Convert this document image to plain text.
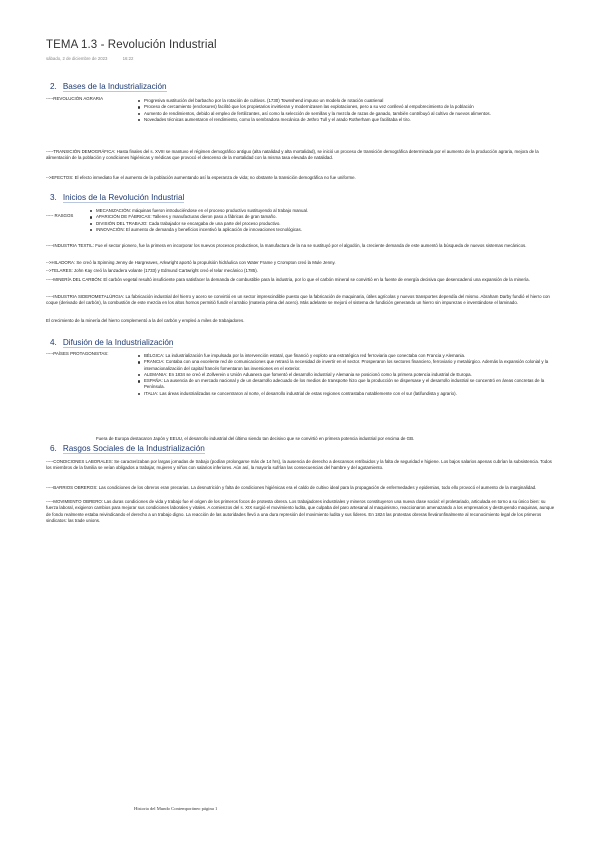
TEMA 1.3 - Revolución Industrial
sábado, 2 de diciembre de 2023	16:22
2. Bases de la Industrialización
-----REVOLUCIÓN AGRARIA	Progresiva sustitución del barbacho por la rotación de cultivos. (1730) Townshend impuso un modelo de rotación cuatrienal
Proceso de cercamiento (enclosures) facilitó que los propietarios invirtieran y modernizasen las explotaciones, pero a su vez conllevó al empobrecimiento de la población
Aumento de rendimientos, debido al empleo de fertilizantes, así como la selección de semillas y la mezcla de razas de ganado, también contribuyó al cultivo de nuevos alimentos.
Novedades técnicas aumentaron el rendimiento, como la sembradora mecánica de Jethro Tull y el arado Rotherham que facilitaba el tiro.
-----TRANSICIÓN DEMOGRÁFICA: Hasta finales del s. XVIII se mantuvo el régimen demográfico antiguo (alta natalidad y alta mortalidad), se inició un proceso de transición demográfica determinada por el aumento de la producción agraria, mejora de la alimentación de la población y condiciones higiénicas y médicas que provocó el descenso de la mortalidad con la misma tasa elevada de natalidad.
-->EFECTOS: El efecto inmediato fue el aumento de la población aumentando así la esperanza de vida; no obstante la transición demográfica no fue uniforme.
3. Inicios de la Revolución Industrial
----- RASGOS
MECANIZACIÓN: máquinas fueron introduciéndose en el proceso productivo sustituyendo al trabajo manual.
APARICIÓN DE FÁBRICAS: Talleres y manufacturas dieron paso a fábricas de gran tamaño.
DIVISIÓN DEL TRABAJO: Cada trabajador se encargaba de una parte del proceso productivo.
INNOVACIÓN: El aumento de demanda y beneficios incentivó la aplicación de innovaciones tecnológicas.
-----INDUSTRIA TEXTIL: Fue el sector pionero, fue la primera en incorporar los nuevos procesos productivos, la manufactura de la na se sustituyó por el algodón, la creciente demanda de este aumentó la búsqueda de nuevos sistemas mecánicos.
-->HILADORA: Se creó la Spinning Jenny de Hargreaves, Arkwright aportó la propulsión hidráulica con Water Frame y Crompton creó la Mule Jenny.
-->TELARES: John Kay creó la lanzadera volante (1733) y Edmund Cartwright creó el telar mecánico (1785).
-----MINERÍA DEL CARBÓN: El carbón vegetal resultó insuficiente para satisfacer la demanda de combustible para la industria, por lo que el carbón mineral se convirtió en la fuente de energía decisiva que desencadenó una expansión de la minería.
-----INDUSTRIA SIDEROMETALÚRGIA: La fabricación industrial del hierro y acero se convirtió en un sector imprescindible puesto que la fabricación de maquinaria, útiles agrícolas y nuevos transportes dependía del mismo. Abraham Darby fundió el hierro con coque (derivado del carbón), la combustión de este mezcla en los altos hornos permitió fundir el arrabio (materia prima del acero). Más adelante se mejoró el sistema de fundición generando un hierro sin impurezas e inventándose el laminado.
El crecimiento de la minería del hierro complementó a la del carbón y empleó a miles de trabajadores.
4. Difusión de la Industrialización
-----PAÍSES PROTAGONISTAS:	BÉLGICA: La industrialización fue impulsada por la intervención estatal, que financió y exploto una estratégica red ferroviaria que conectaba con Francia y Alemania.
FRANCIA: Contaba con una excelente red de comunicaciones que retrasó la necesidad de invertir en el sector. Prosperaron los sectores financiero, ferroviario y metalúrgico. Además la expansión colonial y la internacionalización del capital francés fomentaron las inversiones en el exterior.
ALEMANIA: En 1834 se creó el Zollverein o Unión Aduanera que fomentó el desarrollo industrial y Alemania se posicionó como la primera potencia industrial de Europa.
ESPAÑA: La ausencia de un mercado nacional y de un desarrollo adecuado de los medios de transporte hizo que la producción se dispersase y el desarrollo industrial se concentró en áreas concretas de la Península.
ITALIA: Las áreas industrializadas se concentraron al norte, el desarrollo industrial de estas regiones contrastaba notablemente con el sur (latifundista y agrario).
Fuera de Europa destacaron Japón y EEUU, el desarrollo industrial del último siendo tan decisivo que se convirtió en primera potencia industrial por encima de GB.
6. Rasgos Sociales de la Industrialización
-----CONDICIONES LABORALES: Se caracterizaban por largas jornadas de trabajo (podían prolongarse más de 14 hrs), la ausencia de derecho a descansos retribuidos y la falta de seguridad e higiene. Los bajos salarios apenas cubrían la subsistencia. Todos los miembros de la familia se veían obligados a trabajar, mujeres y niños con salarios inferiores. Aún así, la mayoría sufrían las consecuencias del hambre y del agotamiento.
-----BARRIOS OBREROS: Las condiciones de los obreros eran precarias. La desnutrición y falta de condiciones higiénicas era el caldo de cultivo ideal para la propagación de enfermedades y epidemias, todo ello provocó el aumento de la marginalidad.
-----MOVIMIENTO OBRERO: Las duras condiciones de vida y trabajo fue el origen de los primeros focos de protesta obrera. Los trabajadores industriales y mineros constituyeron una nueva clase social: el proletariado, articulada en torno a su único bien: su fuerza laboral, exigieron cambios para mejorar sus condiciones laborales y vitales. A comienzos del s. XIX surgió el movimiento ludita, que culpaba del paro artesanal al maquinismo, reaccionaron amenazando a los empresarios y destruyendo maquinas, aunque de fondo realmente estaba reivindicando el derecho a un trabajo digno. La reacción de las autoridades llevó a una dura represión del movimiento ludita y sus líderes. En 1824 las protestas obreras lleváronfinalmente al reconocimiento legal de los primeros sindicatos: las trade unions.
Historia del Mundo Contemporáneo página 1
